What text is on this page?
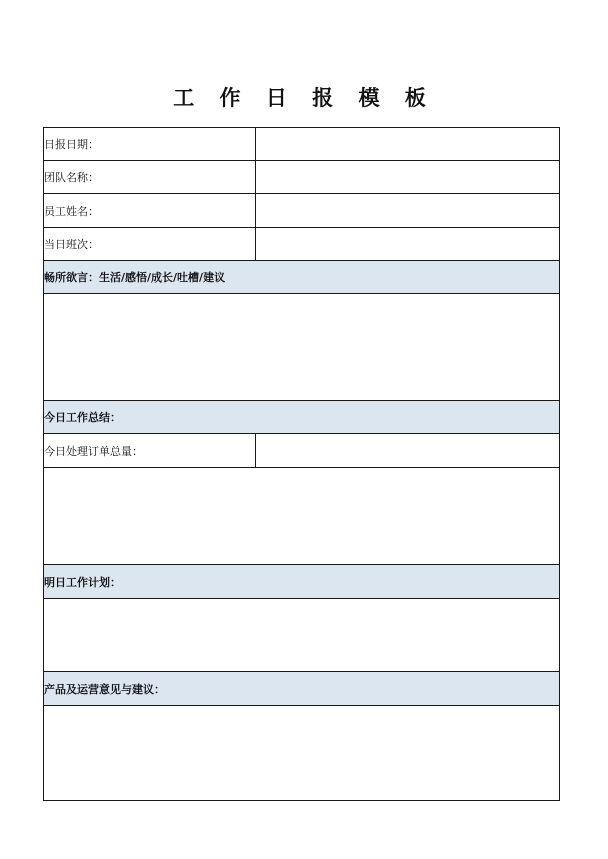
工 作 日 报 模 板
日报日期：	
团队名称：	
员工姓名：	
当日班次：	
畅所欲言：生活/感悟/成长/吐槽/建议	

今日工作总结：	
今日处理订单总量：	

明日工作计划：	

产品及运营意见与建议：	
